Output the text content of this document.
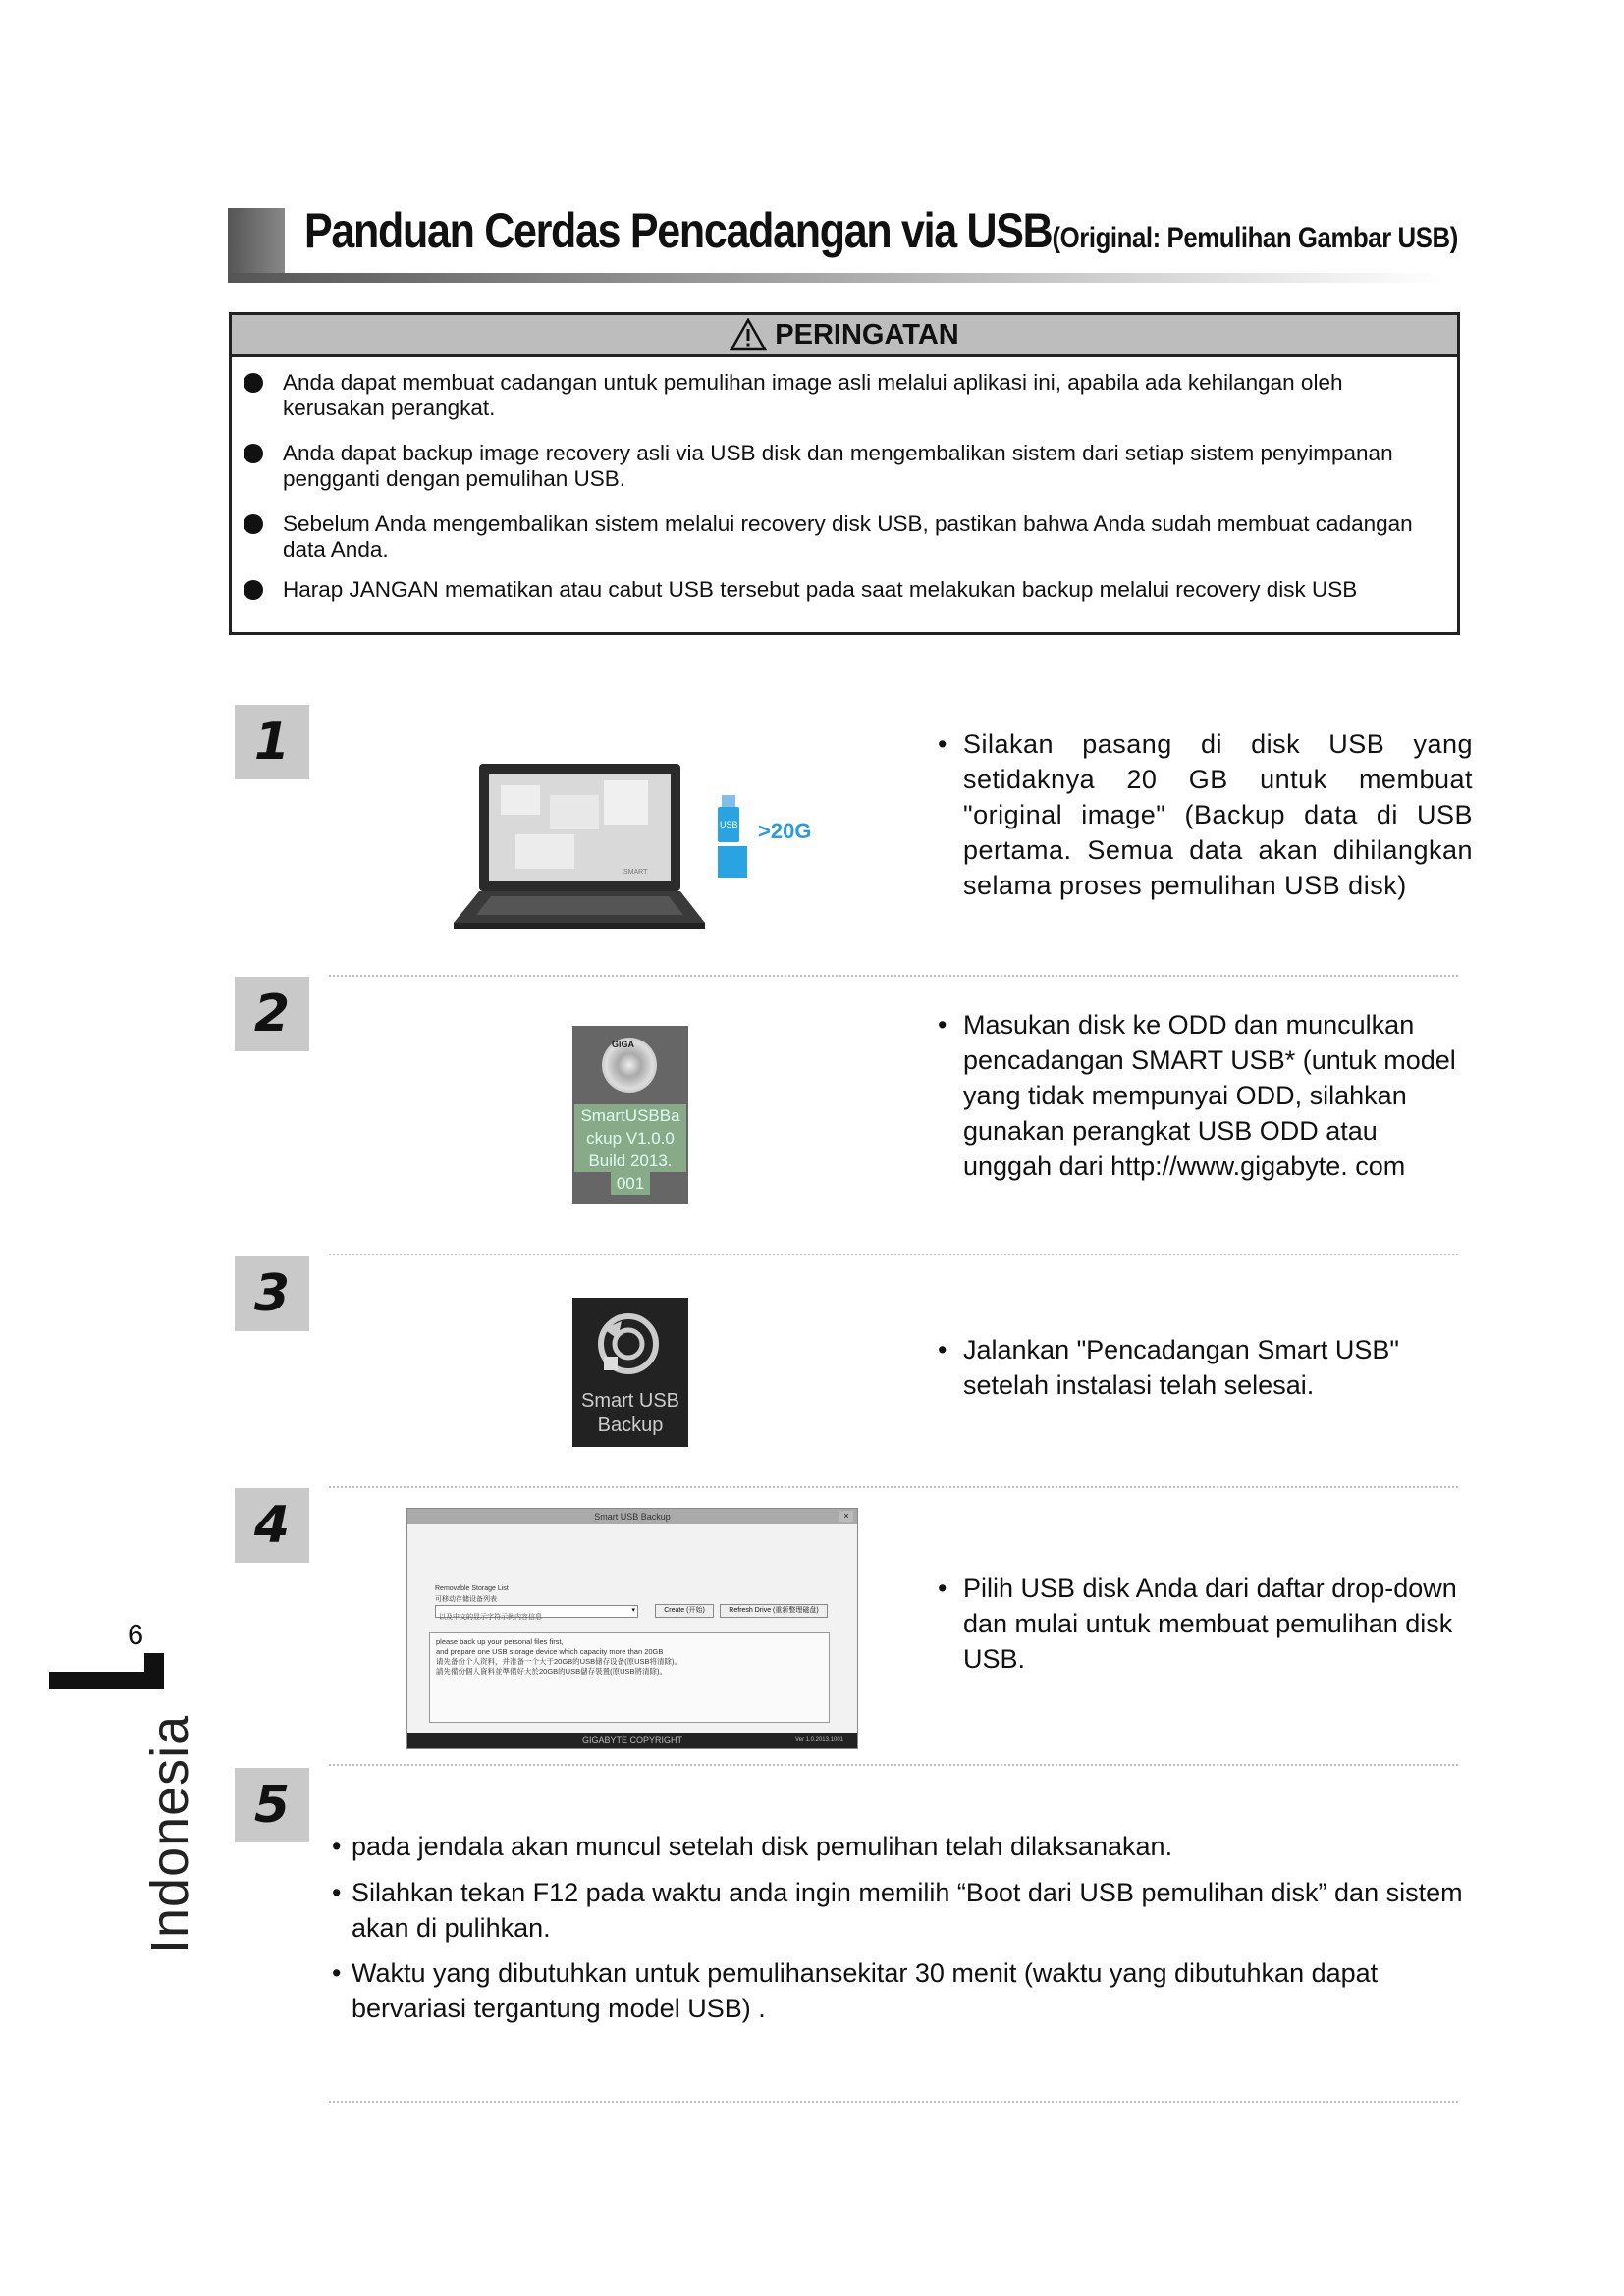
Panduan Cerdas Pencadangan via USB(Original: Pemulihan Gambar USB)
PERINGATAN
Anda dapat membuat cadangan untuk pemulihan image asli melalui aplikasi ini, apabila ada kehilangan oleh kerusakan perangkat.
Anda dapat backup image recovery asli via USB disk dan mengembalikan sistem dari setiap sistem penyimpanan pengganti dengan pemulihan USB.
Sebelum Anda mengembalikan sistem melalui recovery disk USB, pastikan bahwa Anda sudah membuat cadangan data Anda.
Harap JANGAN mematikan atau cabut USB tersebut pada saat melakukan backup melalui recovery disk USB
1
SMART
USB >20G
• Silakan pasang di disk USB yang setidaknya 20 GB untuk membuat "original image" (Backup data di USB pertama. Semua data akan dihilangkan selama proses pemulihan USB disk)
2
GIGA
SmartUSBBa
ckup V1.0.0
Build 2013.
001
• Masukan disk ke ODD dan munculkan pencadangan SMART USB* (untuk model yang tidak mempunyai ODD, silahkan gunakan perangkat USB ODD atau unggah dari http://www.gigabyte. com
3
Smart USB
Backup
• Jalankan "Pencadangan Smart USB" setelah instalasi telah selesai.
4	Smart USB Backup	×
Removable Storage List
可移动存储设备列表
以及中文的显示字符示例内容信息
▾	Create (开始)	Refresh Drive (重新整理磁盘)
please back up your personal files first,
and prepare one USB storage device which capacity more than 20GB
请先备份个人资料，并准备一个大于20GB的USB储存设备(原USB将清除)。
請先備份個人資料並準備好大於20GB的USB儲存裝置(原USB將清除)。
GIGABYTE COPYRIGHT	Ver 1.0.2013.1001
• Pilih USB disk Anda dari daftar drop-down dan mulai untuk membuat pemulihan disk USB.
5
• pada jendala akan muncul setelah disk pemulihan telah dilaksanakan.
• Silahkan tekan F12 pada waktu anda ingin memilih “Boot dari USB pemulihan disk” dan sistem akan di pulihkan.
• Waktu yang dibutuhkan untuk pemulihansekitar 30 menit (waktu yang dibutuhkan dapat bervariasi tergantung model USB) .
6
Indonesia
